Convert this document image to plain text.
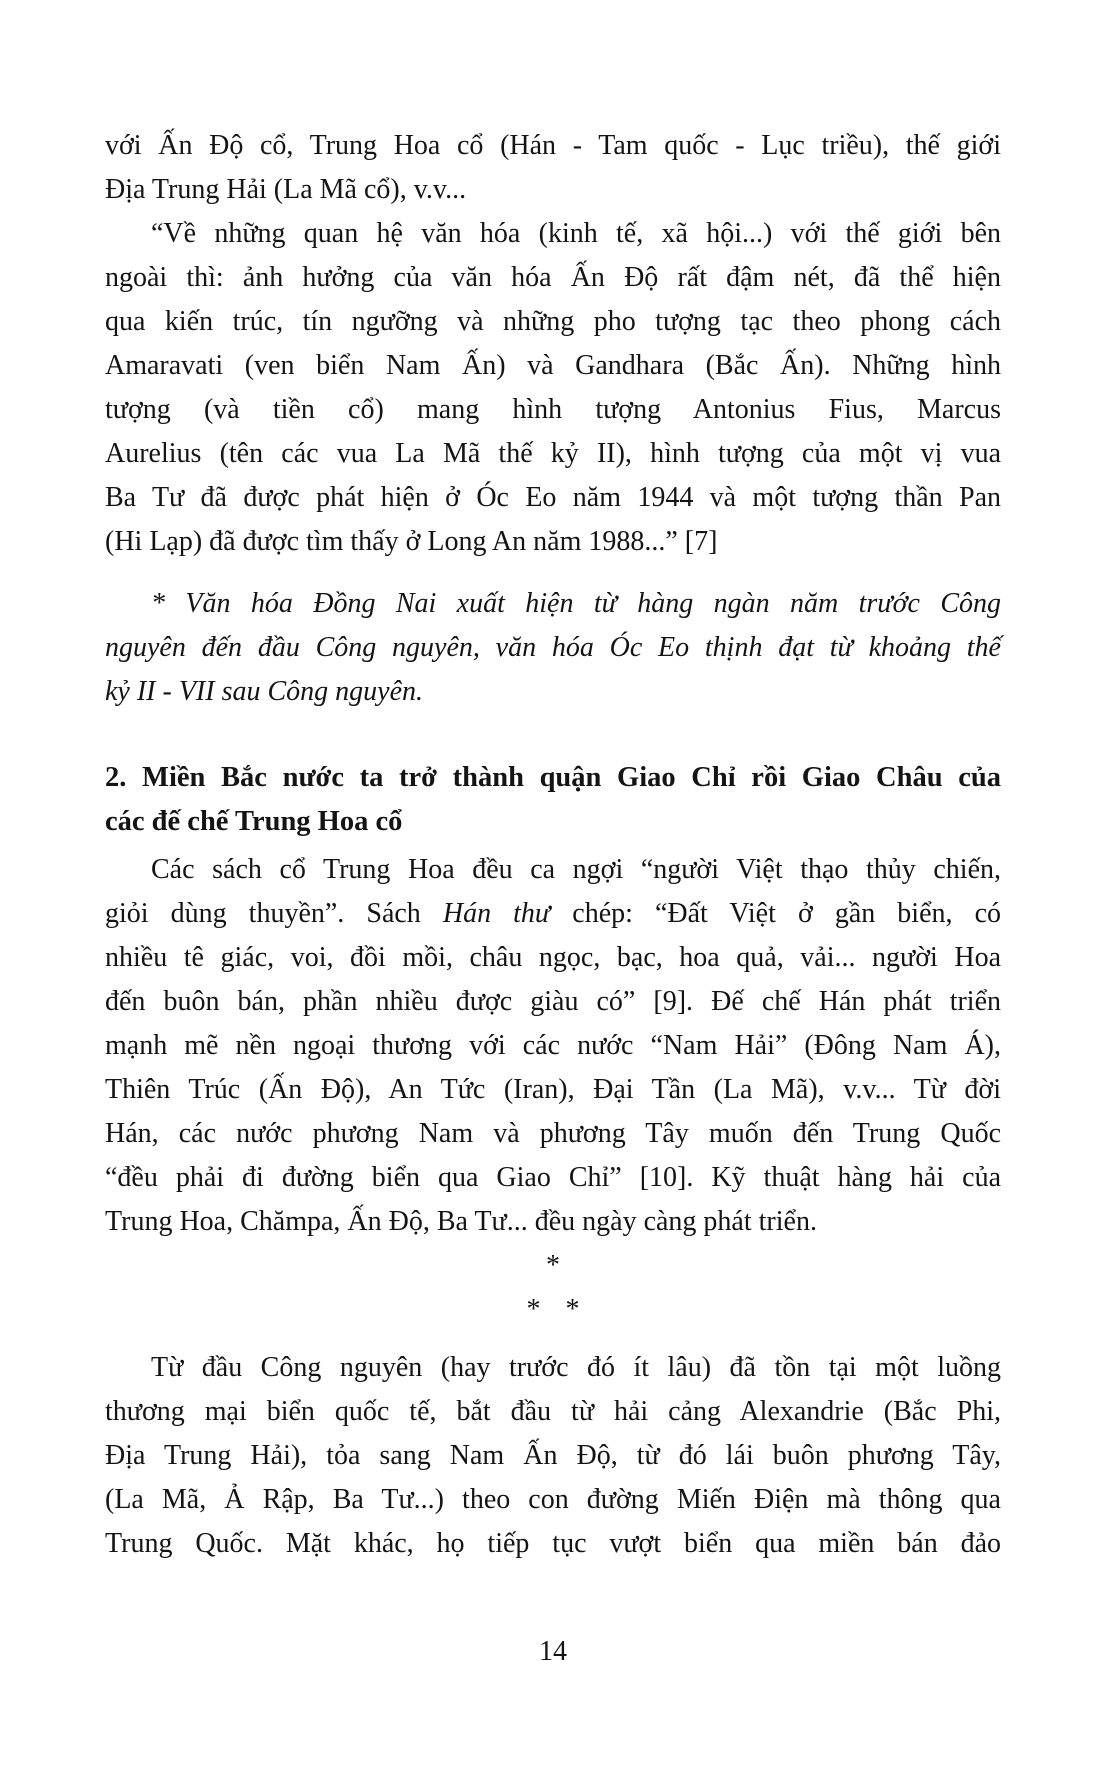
với Ấn Độ cổ, Trung Hoa cổ (Hán - Tam quốc - Lục triều), thế giới
Địa Trung Hải (La Mã cổ), v.v...
“Về những quan hệ văn hóa (kinh tế, xã hội...) với thế giới bên
ngoài thì: ảnh hưởng của văn hóa Ấn Độ rất đậm nét, đã thể hiện
qua kiến trúc, tín ngưỡng và những pho tượng tạc theo phong cách
Amaravati (ven biển Nam Ấn) và Gandhara (Bắc Ấn). Những hình
tượng (và tiền cổ) mang hình tượng Antonius Fius, Marcus
Aurelius (tên các vua La Mã thế kỷ II), hình tượng của một vị vua
Ba Tư đã được phát hiện ở Óc Eo năm 1944 và một tượng thần Pan
(Hi Lạp) đã được tìm thấy ở Long An năm 1988...” [7]
* Văn hóa Đồng Nai xuất hiện từ hàng ngàn năm trước Công
nguyên đến đầu Công nguyên, văn hóa Óc Eo thịnh đạt từ khoảng thế
kỷ II - VII sau Công nguyên.
2. Miền Bắc nước ta trở thành quận Giao Chỉ rồi Giao Châu của
các đế chế Trung Hoa cổ
Các sách cổ Trung Hoa đều ca ngợi “người Việt thạo thủy chiến,
giỏi dùng thuyền”. Sách Hán thư chép: “Đất Việt ở gần biển, có
nhiều tê giác, voi, đồi mồi, châu ngọc, bạc, hoa quả, vải... người Hoa
đến buôn bán, phần nhiều được giàu có” [9]. Đế chế Hán phát triển
mạnh mẽ nền ngoại thương với các nước “Nam Hải” (Đông Nam Á),
Thiên Trúc (Ấn Độ), An Tức (Iran), Đại Tần (La Mã), v.v... Từ đời
Hán, các nước phương Nam và phương Tây muốn đến Trung Quốc
“đều phải đi đường biển qua Giao Chỉ” [10]. Kỹ thuật hàng hải của
Trung Hoa, Chămpa, Ấn Độ, Ba Tư... đều ngày càng phát triển.
*
* *
Từ đầu Công nguyên (hay trước đó ít lâu) đã tồn tại một luồng
thương mại biển quốc tế, bắt đầu từ hải cảng Alexandrie (Bắc Phi,
Địa Trung Hải), tỏa sang Nam Ấn Độ, từ đó lái buôn phương Tây,
(La Mã, Ả Rập, Ba Tư...) theo con đường Miến Điện mà thông qua
Trung Quốc. Mặt khác, họ tiếp tục vượt biển qua miền bán đảo
14
